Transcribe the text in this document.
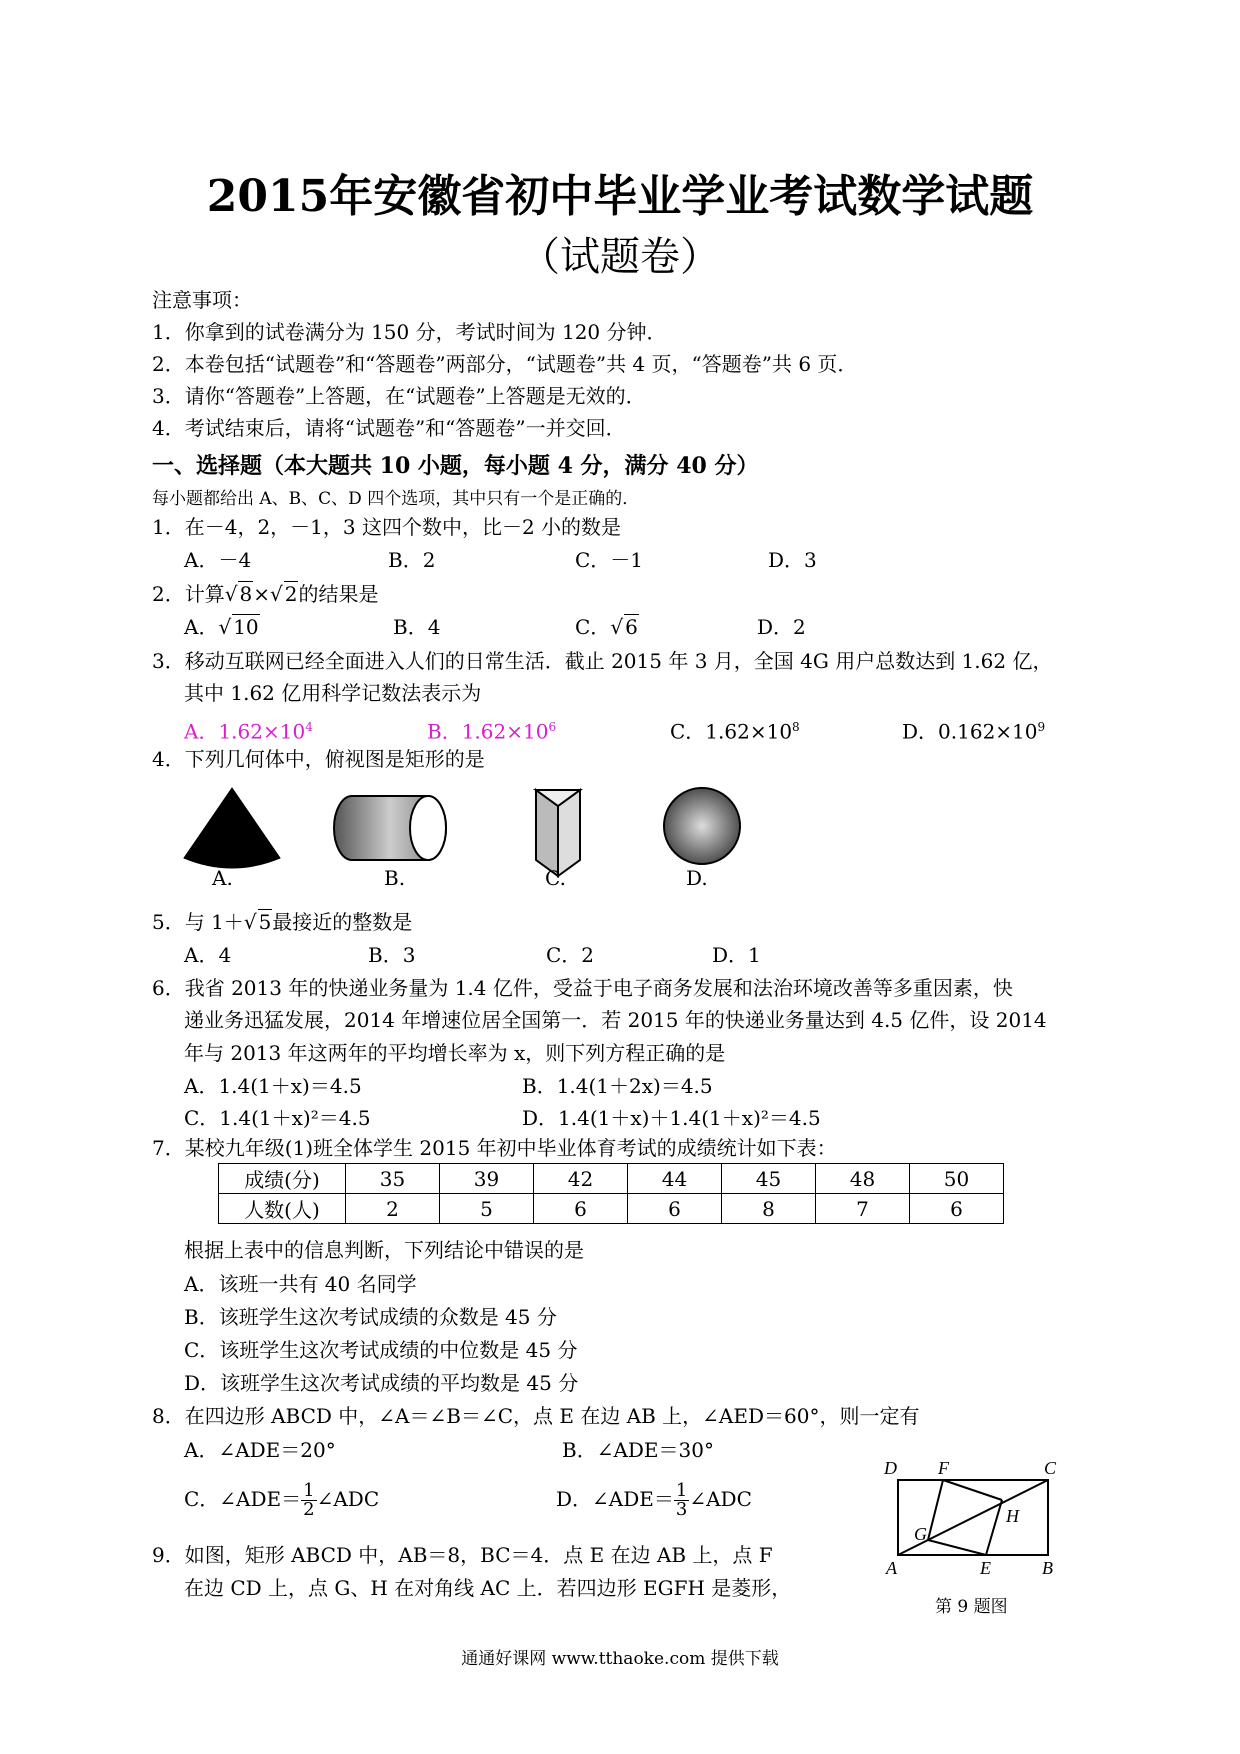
2015年安徽省初中毕业学业考试数学试题
（试题卷）
注意事项：
1．你拿到的试卷满分为 150 分，考试时间为 120 分钟．
2．本卷包括“试题卷”和“答题卷”两部分，“试题卷”共 4 页，“答题卷”共 6 页．
3．请你“答题卷”上答题，在“试题卷”上答题是无效的．
4．考试结束后，请将“试题卷”和“答题卷”一并交回．
一、选择题（本大题共 10 小题，每小题 4 分，满分 40 分）
每小题都给出 A、B、C、D 四个选项，其中只有一个是正确的．
1．在－4，2，－1，3 这四个数中，比－2 小的数是
A．－4	B．2	C．－1	D．3
2．计算√ 8×√ 2的结果是
A．√ 10	B．4	C．√ 6	D．2
3．移动互联网已经全面进入人们的日常生活．截止 2015 年 3 月，全国 4G 用户总数达到 1.62 亿，
其中 1.62 亿用科学记数法表示为
A．$1.62\times 10^4$	B．$1.62\times 10^6$	C．$1.62\times 10^8$	D．$0.162\times 10^9$
4．下列几何体中，俯视图是矩形的是
A.	B.	C.	D.
5．与 1＋√ 5最接近的整数是
A．4	B．3	C．2	D．1
6．我省 2013 年的快递业务量为 1.4 亿件，受益于电子商务发展和法治环境改善等多重因素，快
递业务迅猛发展，2014 年增速位居全国第一．若 2015 年的快递业务量达到 4.5 亿件，设 2014
年与 2013 年这两年的平均增长率为 x，则下列方程正确的是
A．1.4(1＋x)＝4.5	B．1.4(1＋2x)＝4.5
C．1.4(1＋x)²＝4.5	D．1.4(1＋x)＋1.4(1＋x)²＝4.5
7．某校九年级(1)班全体学生 2015 年初中毕业体育考试的成绩统计如下表：
成绩(分)	35	39	42	44	45	48	50
人数(人)	2	5	6	6	8	7	6
根据上表中的信息判断，下列结论中错误的是
A．该班一共有 40 名同学
B．该班学生这次考试成绩的众数是 45 分
C．该班学生这次考试成绩的中位数是 45 分
D．该班学生这次考试成绩的平均数是 45 分
8．在四边形 ABCD 中，∠A＝∠B＝∠C，点 E 在边 AB 上，∠AED＝60°，则一定有
A．∠ADE＝20°	B．∠ADE＝30°
C．∠ADE＝ $\frac{1}{2}$ ∠ADC	D．∠ADE＝ $\frac{1}{3}$ ∠ADC
9．如图，矩形 ABCD 中，AB＝8，BC＝4．点 E 在边 AB 上，点 F
在边 CD 上，点 G、H 在对角线 AC 上．若四边形 EGFH 是菱形，
D F	C
G
H
A	E	B
第 9 题图
通通好课网 www.tthaoke.com 提供下载
